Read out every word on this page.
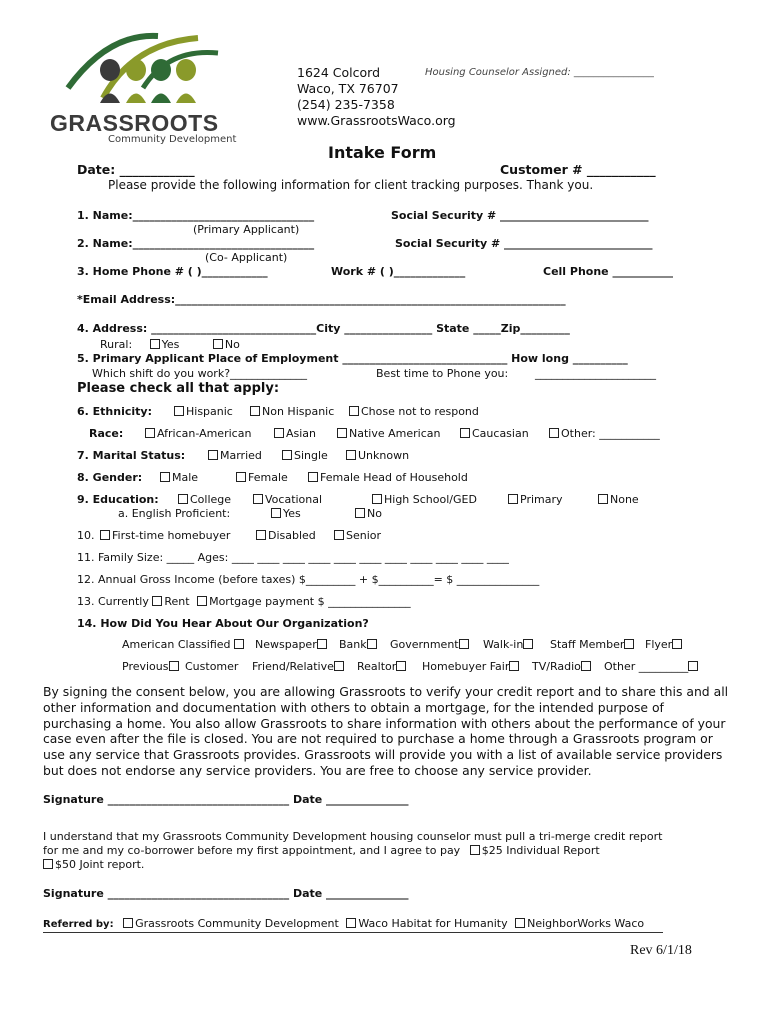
GRASSROOTS
Community Development
1624 Colcord
Waco, TX 76707
(254) 235-7358
www.GrassrootsWaco.org
Housing Counselor Assigned: ________________
Intake Form
Date: ____________	Customer # ___________
Please provide the following information for client tracking purposes. Thank you.
1. Name:_________________________________	Social Security # ___________________________
(Primary Applicant)
2. Name:_________________________________	Social Security # ___________________________
(Co- Applicant)
3. Home Phone # ( )____________	Work # ( )_____________	Cell Phone ___________
*Email Address:_______________________________________________________________________
4. Address: ______________________________City ________________ State _____Zip_________
Rural:	Yes	No
5. Primary Applicant Place of Employment ______________________________ How long __________
Which shift do you work?______________	Best time to Phone you: ______________________
Please check all that apply:
6. Ethnicity:	Hispanic	Non Hispanic	Chose not to respond
Race:	African-American	Asian	Native American	Caucasian	Other: ___________
7. Marital Status:	Married	Single	Unknown
8. Gender:	Male	Female	Female Head of Household
9. Education:	College	Vocational	High School/GED	Primary	None
a. English Proficient:	Yes	No
10.	First-time homebuyer	Disabled	Senior
11. Family Size: _____ Ages: ____ ____ ____ ____ ____ ____ ____ ____ ____ ____ ____
12. Annual Gross Income (before taxes) $_________ + $__________= $ _______________
13. Currently Rent Mortgage payment $ _______________
14. How Did You Hear About Our Organization?
American Classified	Newspaper	Bank	Government	Walk-in	Staff Member	Flyer
Previous	Customer Friend/Relative	Realtor	Homebuyer Fair	TV/Radio	Other _________
By signing the consent below, you are allowing Grassroots to verify your credit report and to share this and all other information and documentation with others to obtain a mortgage, for the intended purpose of purchasing a home. You also allow Grassroots to share information with others about the performance of your case even after the file is closed. You are not required to purchase a home through a Grassroots program or use any service that Grassroots provides. Grassroots will provide you with a list of available service providers but does not endorse any service providers. You are free to choose any service provider.
Signature _________________________________ Date _______________
I understand that my Grassroots Community Development housing counselor must pull a tri-merge credit report
for me and my co-borrower before my first appointment, and I agree to pay $25 Individual Report
$50 Joint report.
Signature _________________________________ Date _______________
Referred by: Grassroots Community Development Waco Habitat for Humanity NeighborWorks Waco
Rev 6/1/18
